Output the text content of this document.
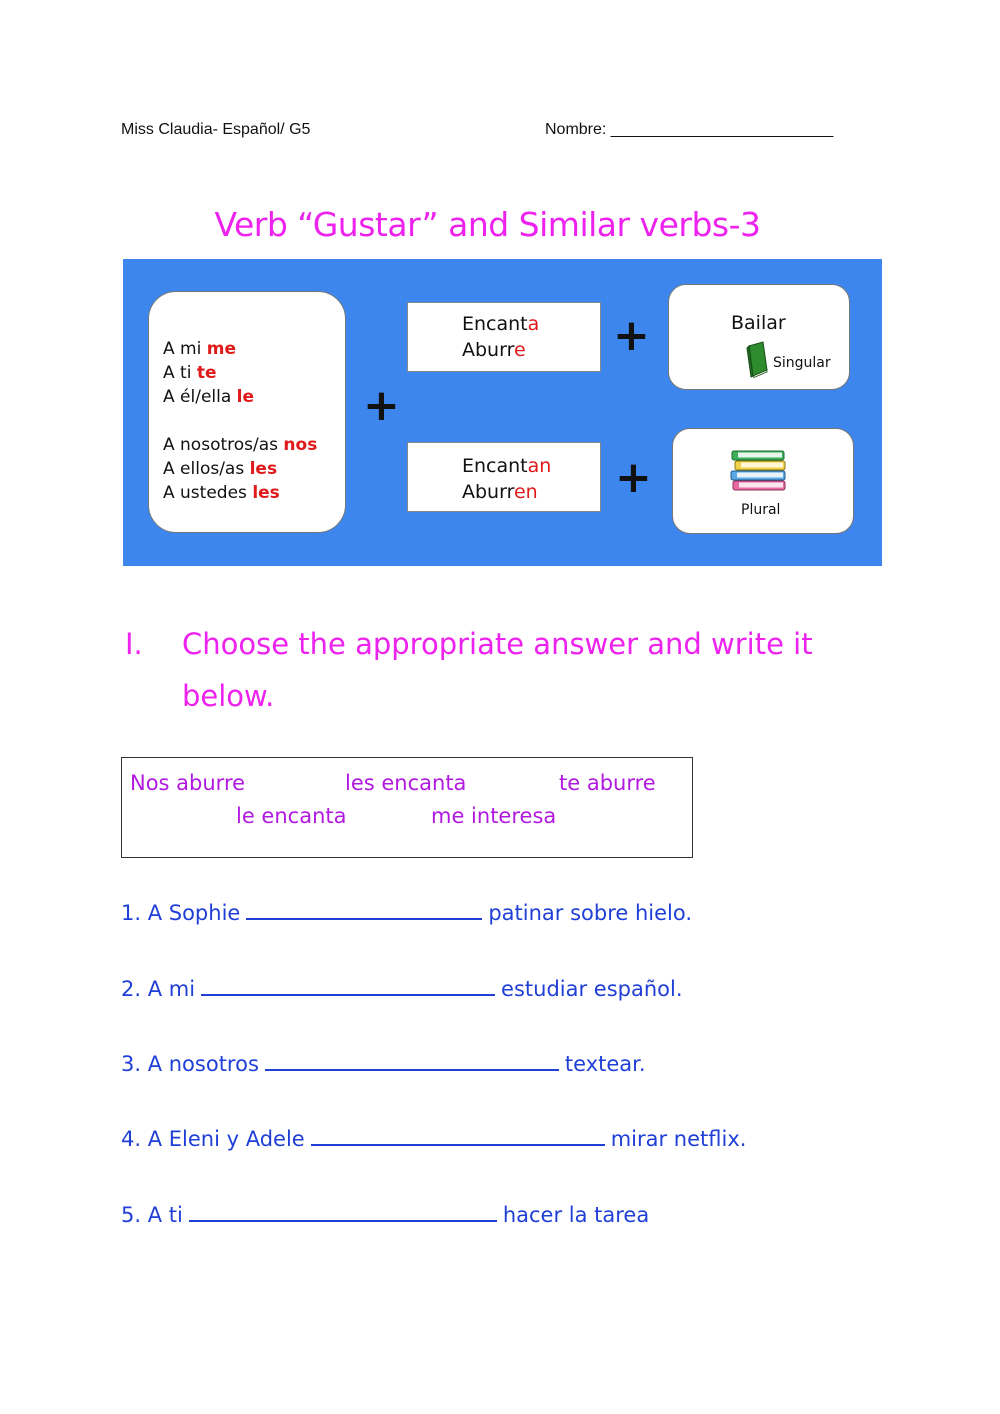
Miss Claudia- Español/ G5	Nombre: _________________________
Verb “Gustar” and Similar verbs-3
A mi me
A ti te
A él/ella le
A nosotros/as nos
A ellos/as les
A ustedes les
+
Encanta
Aburre +	Bailar
Singular
Encantan
Aburren +
Plural
I. Choose the appropriate answer and write it below.
Nos aburre	les encanta	te aburre
le encanta	me interesa
1. A Sophie	patinar sobre hielo.
2. A mi	estudiar español.
3. A nosotros	textear.
4. A Eleni y Adele	mirar netflix.
5. A ti	hacer la tarea
